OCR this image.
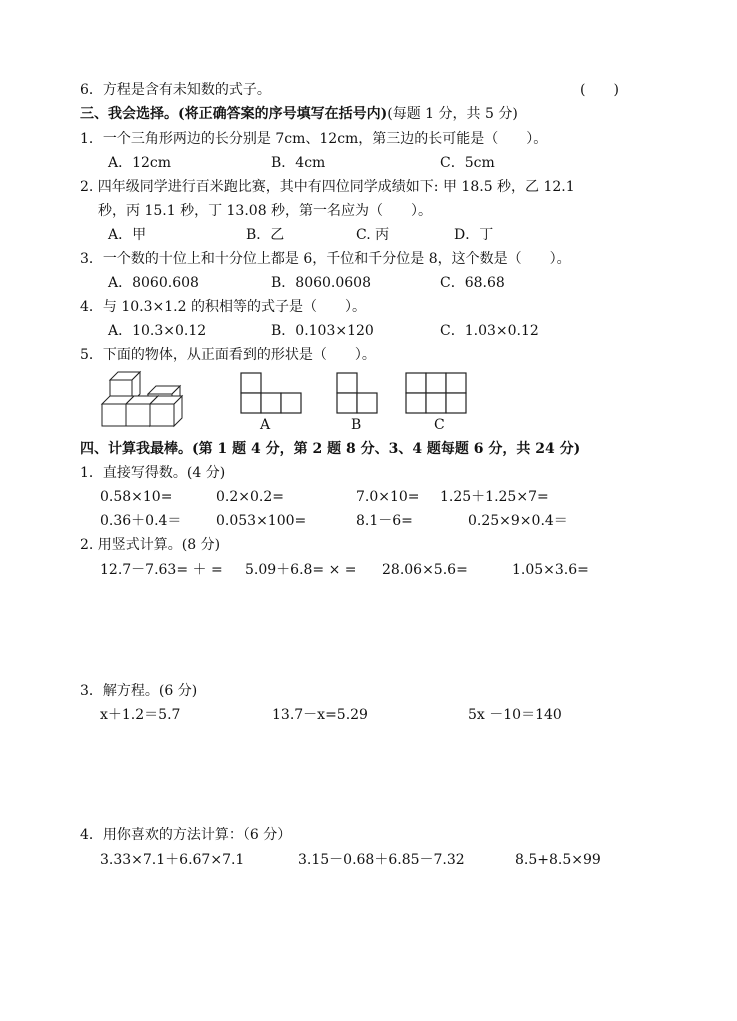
6．方程是含有未知数的式子。	(　　)
三、我会选择。(将正确答案的序号填写在括号内)(每题 1 分，共 5 分)
1．一个三角形两边的长分别是 7cm、12cm，第三边的长可能是（　　）。
A．12cm	B．4cm	C．5cm
2. 四年级同学进行百米跑比赛，其中有四位同学成绩如下: 甲 18.5 秒，乙 12.1
秒，丙 15.1 秒，丁 13.08 秒，第一名应为（　　）。
A．甲	B．乙	C. 丙	D．丁
3．一个数的十位上和十分位上都是 6，千位和千分位是 8，这个数是（　　）。
A．8060.608	B．8060.0608	C．68.68
4．与 10.3×1.2 的积相等的式子是（　　）。
A．10.3×0.12	B．0.103×120	C．1.03×0.12
5．下面的物体，从正面看到的形状是（　　）。
A	B	C
四、计算我最棒。(第 1 题 4 分，第 2 题 8 分、3、4 题每题 6 分，共 24 分)
1．直接写得数。(4 分)
0.58×10=	0.2×0.2=	7.0×10= 1.25＋1.25×7=
0.36＋0.4＝ 0.053×100=	8.1－6=	0.25×9×0.4＝
2. 用竖式计算。(8 分)
12.7－7.63= ＋ = 5.09＋6.8= × = 28.06×5.6=	1.05×3.6=
3．解方程。(6 分)
x＋1.2＝5.7	13.7－x=5.29	5x －10＝140
4．用你喜欢的方法计算：（6 分）
3.33×7.1＋6.67×7.1	3.15－0.68＋6.85－7.32	8.5+8.5×99
